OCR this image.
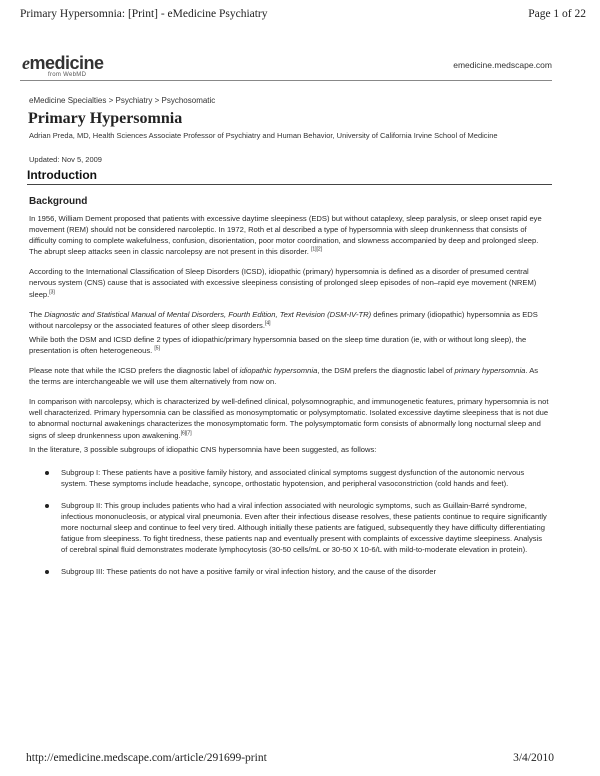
Primary Hypersomnia: [Print] - eMedicine Psychiatry	Page 1 of 22
emedicine
from WebMD
emedicine.medscape.com
eMedicine Specialties > Psychiatry > Psychosomatic
Primary Hypersomnia
Adrian Preda, MD, Health Sciences Associate Professor of Psychiatry and Human Behavior, University of California Irvine School of Medicine
Updated: Nov 5, 2009
Introduction
Background

In 1956, William Dement proposed that patients with excessive daytime sleepiness (EDS) but without cataplexy, sleep paralysis, or sleep onset rapid eye movement (REM) should not be considered narcoleptic. In 1972, Roth et al described a type of hypersomnia with sleep drunkenness that consists of difficulty coming to complete wakefulness, confusion, disorientation, poor motor coordination, and slowness accompanied by deep and prolonged sleep. The abrupt sleep attacks seen in classic narcolepsy are not present in this disorder. [1][2]

According to the International Classification of Sleep Disorders (ICSD), idiopathic (primary) hypersomnia is defined as a disorder of presumed central nervous system (CNS) cause that is associated with excessive sleepiness consisting of prolonged sleep episodes of non–rapid eye movement (NREM) sleep.[3]

The Diagnostic and Statistical Manual of Mental Disorders, Fourth Edition, Text Revision (DSM-IV-TR) defines primary (idiopathic) hypersomnia as EDS without narcolepsy or the associated features of other sleep disorders.[4]

While both the DSM and ICSD define 2 types of idiopathic/primary hypersomnia based on the sleep time duration (ie, with or without long sleep), the presentation is often heterogeneous. [5]

Please note that while the ICSD prefers the diagnostic label of idiopathic hypersomnia, the DSM prefers the diagnostic label of primary hypersomnia. As the terms are interchangeable we will use them alternatively from now on.

In comparison with narcolepsy, which is characterized by well-defined clinical, polysomnographic, and immunogenetic features, primary hypersomnia is not well characterized. Primary hypersomnia can be classified as monosymptomatic or polysymptomatic. Isolated excessive daytime sleepiness that is not due to abnormal nocturnal awakenings characterizes the monosymptomatic form. The polysymptomatic form consists of abnormally long nocturnal sleep and signs of sleep drunkenness upon awakening.[6][7]

In the literature, 3 possible subgroups of idiopathic CNS hypersomnia have been suggested, as follows:

Subgroup I: These patients have a positive family history, and associated clinical symptoms suggest dysfunction of the autonomic nervous system. These symptoms include headache, syncope, orthostatic hypotension, and peripheral vasoconstriction (cold hands and feet).
Subgroup II: This group includes patients who had a viral infection associated with neurologic symptoms, such as Guillain-Barré syndrome, infectious mononucleosis, or atypical viral pneumonia. Even after their infectious disease resolves, these patients continue to require significantly more nocturnal sleep and continue to feel very tired. Although initially these patients are fatigued, subsequently they have difficulty differentiating fatigue from sleepiness. To fight tiredness, these patients nap and eventually present with complaints of excessive daytime sleepiness. Analysis of cerebral spinal fluid demonstrates moderate lymphocytosis (30-50 cells/mL or 30-50 X 10-6/L with mild-to-moderate elevation in protein).
Subgroup III: These patients do not have a positive family or viral infection history, and the cause of the disorder
http://emedicine.medscape.com/article/291699-print	3/4/2010
